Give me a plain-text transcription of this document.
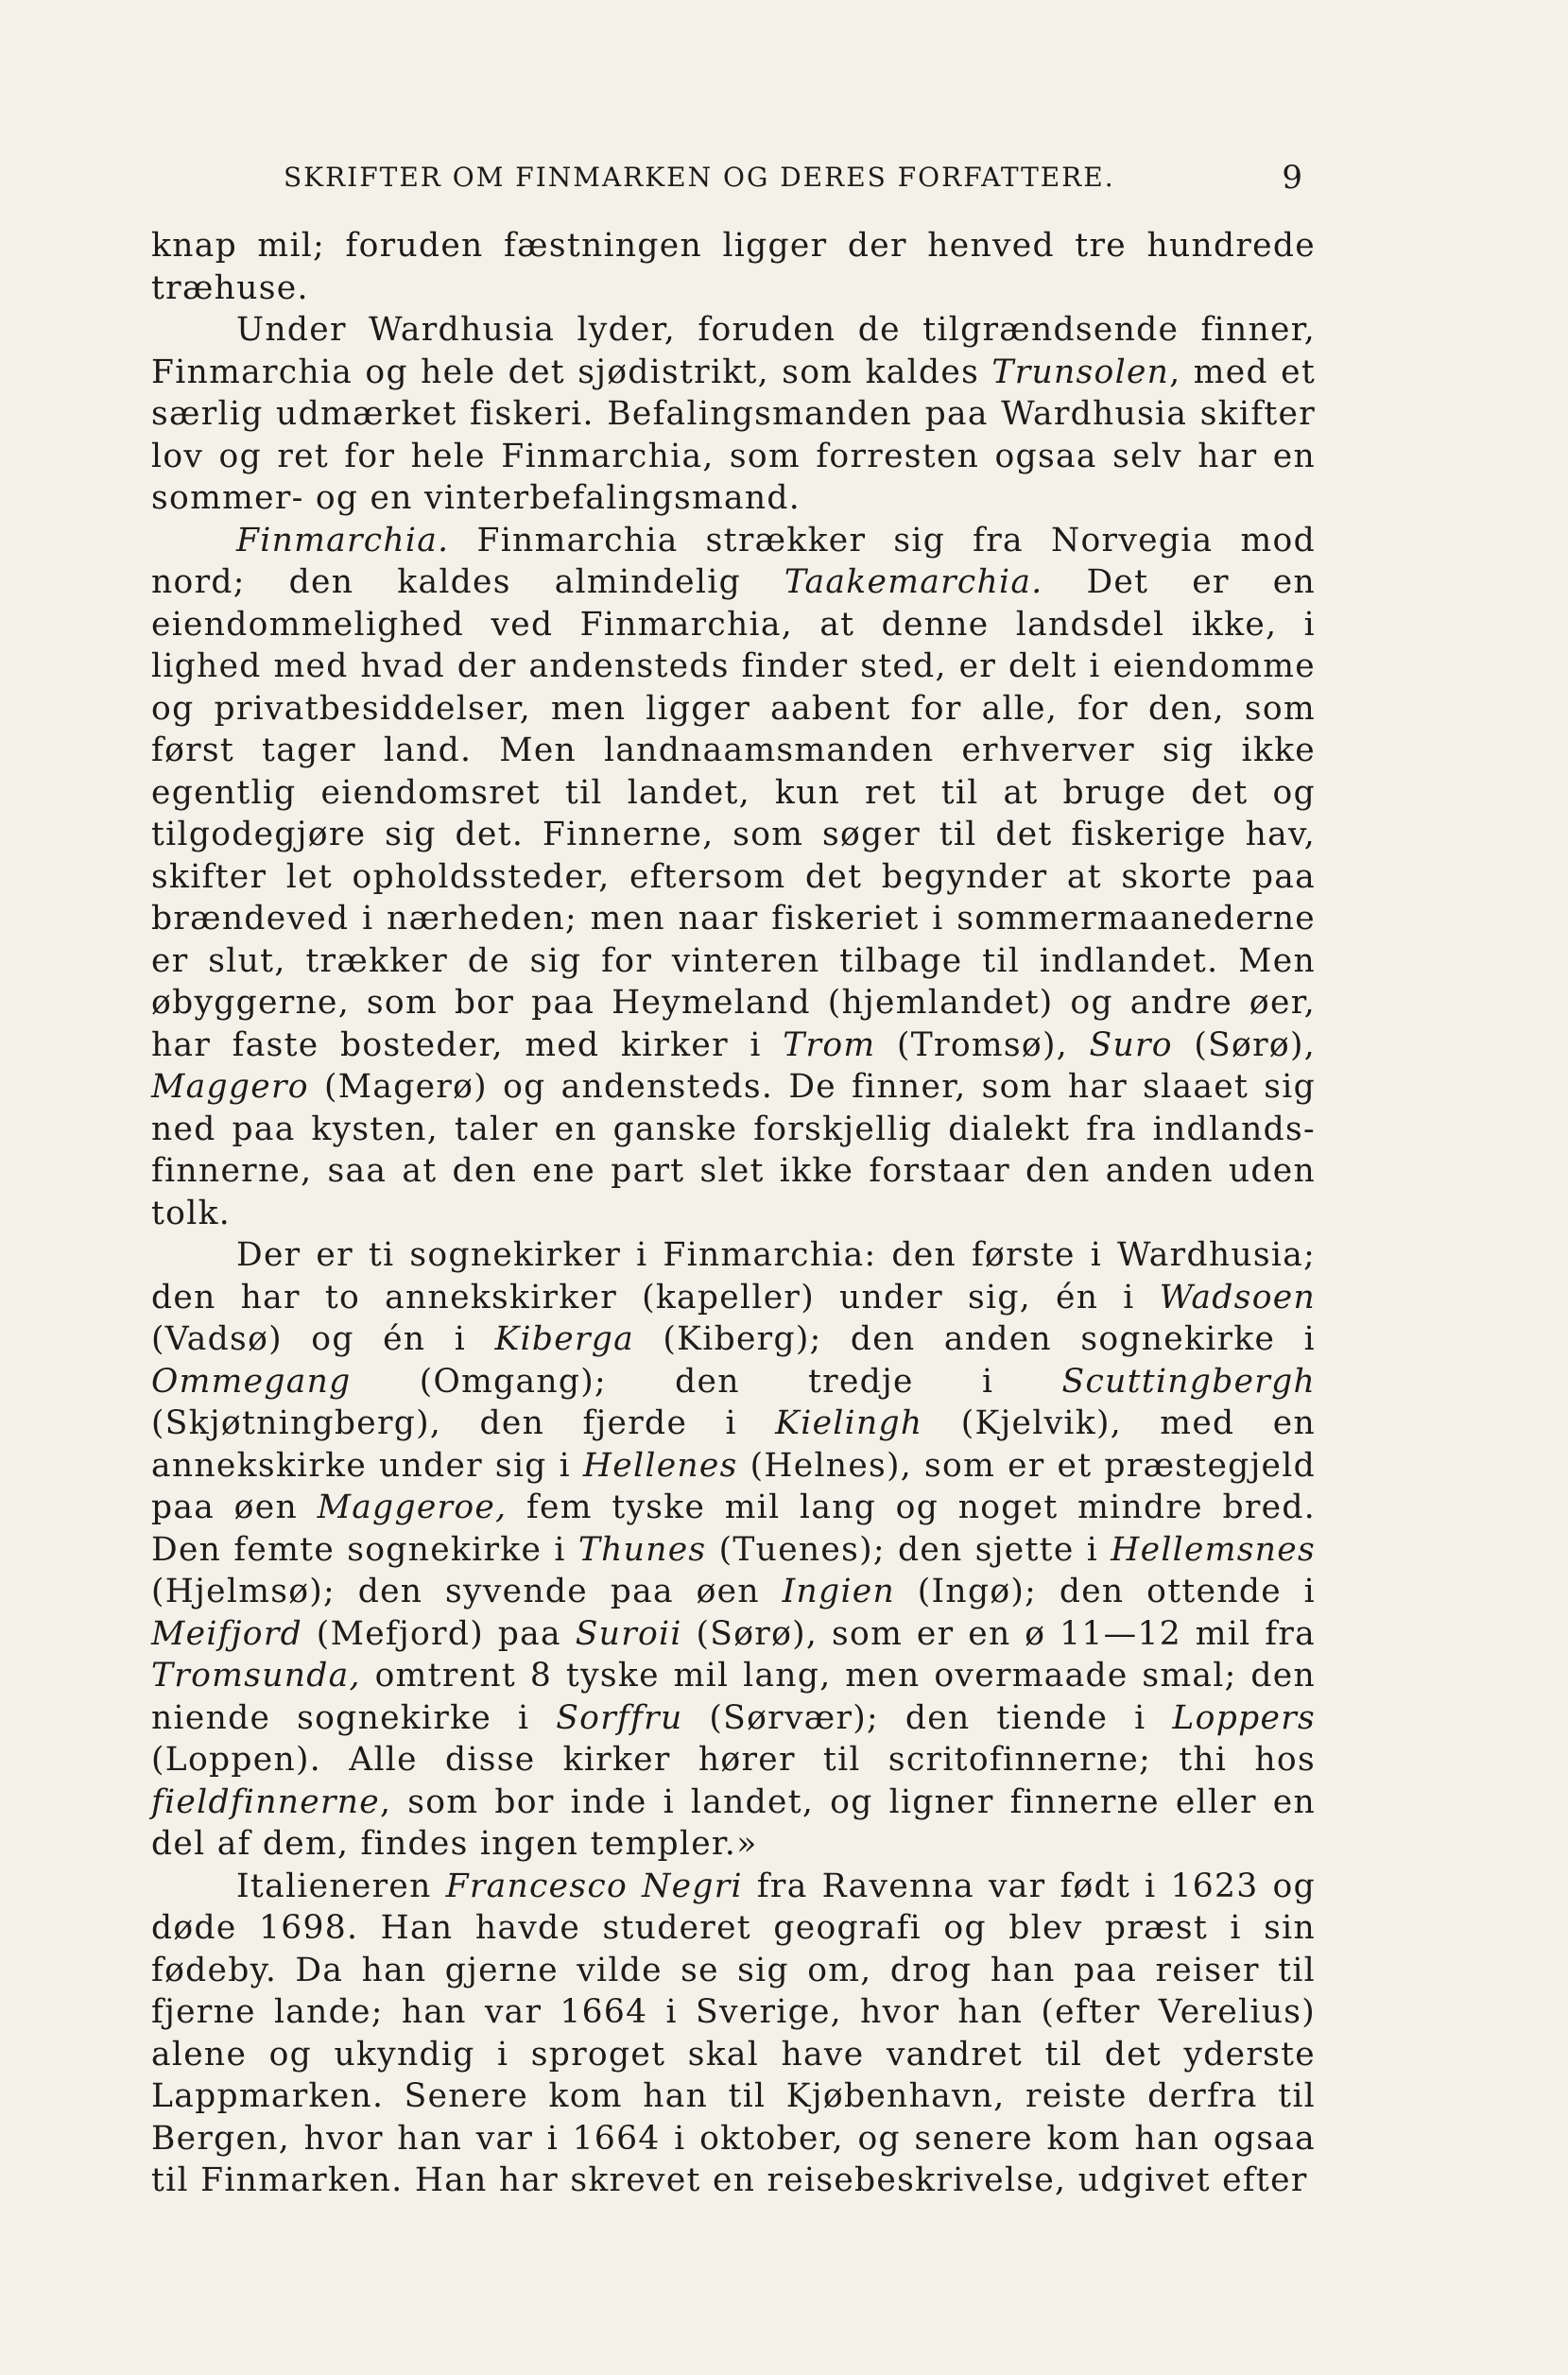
SKRIFTER OM FINMARKEN OG DERES FORFATTERE.	9

knap mil; foruden fæstningen ligger der henved tre hundrede træhuse.

Under Wardhusia lyder, foruden de tilgrændsende finner, Finmarchia og hele det sjødistrikt, som kaldes Trunsolen, med et særlig udmærket fiskeri. Befalingsmanden paa Wardhusia skifter lov og ret for hele Finmarchia, som forresten ogsaa selv har en sommer- og en vinterbefalingsmand.

Finmarchia. Finmarchia strækker sig fra Norvegia mod nord; den kaldes almindelig Taakemarchia. Det er en eiendommelighed ved Finmarchia, at denne landsdel ikke, i lighed med hvad der andensteds finder sted, er delt i eiendomme og privatbesiddelser, men ligger aabent for alle, for den, som først tager land. Men landnaamsmanden erhverver sig ikke egentlig eiendomsret til landet, kun ret til at bruge det og tilgodegjøre sig det. Finnerne, som søger til det fiskerige hav, skifter let opholdssteder, eftersom det begynder at skorte paa brændeved i nærheden; men naar fiskeriet i sommermaanederne er slut, trækker de sig for vinteren tilbage til indlandet. Men øbyggerne, som bor paa Heymeland (hjemlandet) og andre øer, har faste bosteder, med kirker i Trom (Tromsø), Suro (Sørø), Maggero (Magerø) og andensteds. De finner, som har slaaet sig ned paa kysten, taler en ganske forskjellig dialekt fra indlands-finnerne, saa at den ene part slet ikke forstaar den anden uden tolk.

Der er ti sognekirker i Finmarchia: den første i Wardhusia; den har to annekskirker (kapeller) under sig, én i Wadsoen (Vadsø) og én i Kiberga (Kiberg); den anden sognekirke i Ommegang (Omgang); den tredje i Scuttingbergh (Skjøtningberg), den fjerde i Kielingh (Kjelvik), med en annekskirke under sig i Hellenes (Helnes), som er et præstegjeld paa øen Maggeroe, fem tyske mil lang og noget mindre bred. Den femte sognekirke i Thunes (Tuenes); den sjette i Hellemsnes (Hjelmsø); den syvende paa øen Ingien (Ingø); den ottende i Meifjord (Mefjord) paa Suroii (Sørø), som er en ø 11—12 mil fra Tromsunda, omtrent 8 tyske mil lang, men overmaade smal; den niende sognekirke i Sorffru (Sørvær); den tiende i Loppers (Loppen). Alle disse kirker hører til scritofinnerne; thi hos fieldfinnerne, som bor inde i landet, og ligner finnerne eller en del af dem, findes ingen templer.»

Italieneren Francesco Negri fra Ravenna var født i 1623 og døde 1698. Han havde studeret geografi og blev præst i sin fødeby. Da han gjerne vilde se sig om, drog han paa reiser til fjerne lande; han var 1664 i Sverige, hvor han (efter Verelius) alene og ukyndig i sproget skal have vandret til det yderste Lappmarken. Senere kom han til Kjøbenhavn, reiste derfra til Bergen, hvor han var i 1664 i oktober, og senere kom han ogsaa til Finmarken. Han har skrevet en reisebeskrivelse, udgivet efter
